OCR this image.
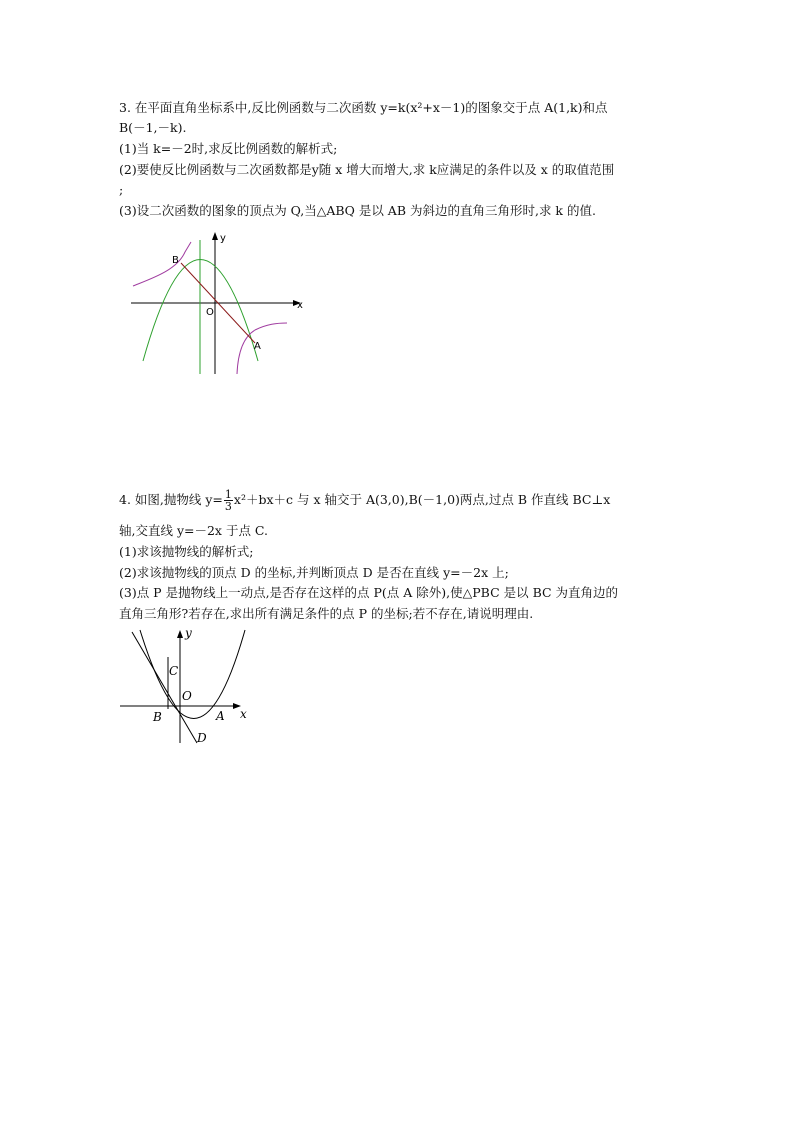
3. 在平面直角坐标系中,反比例函数与二次函数 y=k(x²+x－1)的图象交于点 A(1,k)和点
B(－1,－k).
(1)当 k=－2时,求反比例函数的解析式;
(2)要使反比例函数与二次函数都是y随 x 增大而增大,求 k应满足的条件以及 x 的取值范围
;
(3)设二次函数的图象的顶点为 Q,当△ABQ 是以 AB 为斜边的直角三角形时,求 k 的值.
y
x
O
B
A
4. 如图,抛物线 $y= \frac{1}{3} x^2+bx+c$ 与 x 轴交于 A(3,0),B(－1,0)两点,过点 B 作直线 BC⊥x
轴,交直线 y=－2x 于点 C.
(1)求该抛物线的解析式;
(2)求该抛物线的顶点 D 的坐标,并判断顶点 D 是否在直线 y=－2x 上;
(3)点 P 是抛物线上一动点,是否存在这样的点 P(点 A 除外),使△PBC 是以 BC 为直角边的
直角三角形?若存在,求出所有满足条件的点 P 的坐标;若不存在,请说明理由.
y
C
O
B	A x
D
